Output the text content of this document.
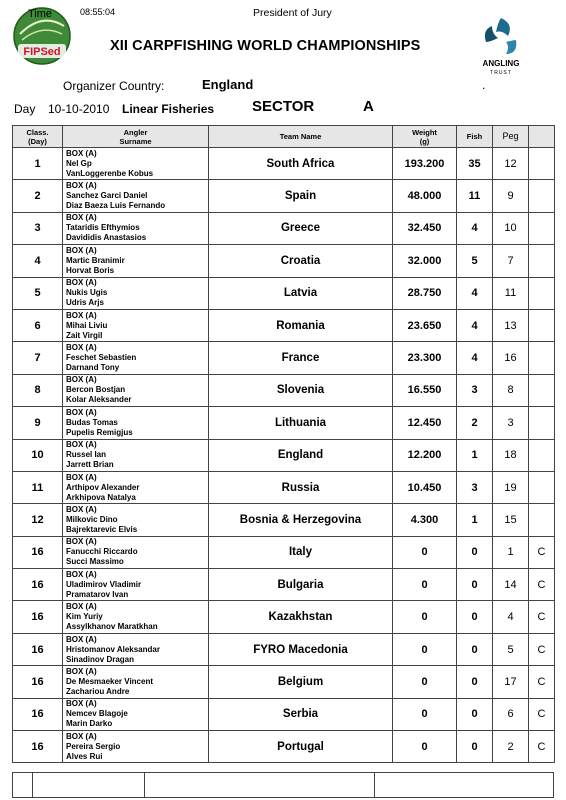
FIPSed
ANGLING
TRUST
XII CARPFISHING WORLD CHAMPIONSHIPS
Organizer Country:	England	.
Day 10-10-2010 Linear Fisheries	SECTOR	A
Class.
(Day)	Angler
Surname	Team Name	Weight
(g)	Fish	Peg	
1	BOX (A)
Nel Gp
VanLoggerenbe Kobus	South Africa	193.200	35	12	
2	BOX (A)
Sanchez Garci Daniel
Diaz Baeza Luis Fernando	Spain	48.000	11	9	
3	BOX (A)
Tataridis Efthymios
Davididis Anastasios	Greece	32.450	4	10	
4	BOX (A)
Martic Branimir
Horvat Boris	Croatia	32.000	5	7	
5	BOX (A)
Nukis Ugis
Udris Arjs	Latvia	28.750	4	11	
6	BOX (A)
Mihai Liviu
Zait Virgil	Romania	23.650	4	13	
7	BOX (A)
Feschet Sebastien
Darnand Tony	France	23.300	4	16	
8	BOX (A)
Bercon Bostjan
Kolar Aleksander	Slovenia	16.550	3	8	
9	BOX (A)
Budas Tomas
Pupelis Remigjus	Lithuania	12.450	2	3	
10	BOX (A)
Russel Ian
Jarrett Brian	England	12.200	1	18	
11	BOX (A)
Arthipov Alexander
Arkhipova Natalya	Russia	10.450	3	19	
12	BOX (A)
Milkovic Dino
Bajrektarevic Elvis	Bosnia & Herzegovina	4.300	1	15	
16	BOX (A)
Fanucchi Riccardo
Succi Massimo	Italy	0	0	1	C
16	BOX (A)
Uladimirov Vladimir
Pramatarov Ivan	Bulgaria	0	0	14	C
16	BOX (A)
Kim Yuriy
Assylkhanov Maratkhan	Kazakhstan	0	0	4	C
16	BOX (A)
Hristomanov Aleksandar
Sinadinov Dragan	FYRO Macedonia	0	0	5	C
16	BOX (A)
De Mesmaeker Vincent
Zachariou Andre	Belgium	0	0	17	C
16	BOX (A)
Nemcev Blagoje
Marin Darko	Serbia	0	0	6	C
16	BOX (A)
Pereira Sergio
Alves Rui	Portugal	0	0	2	C
Time	08:55:04	President of Jury
